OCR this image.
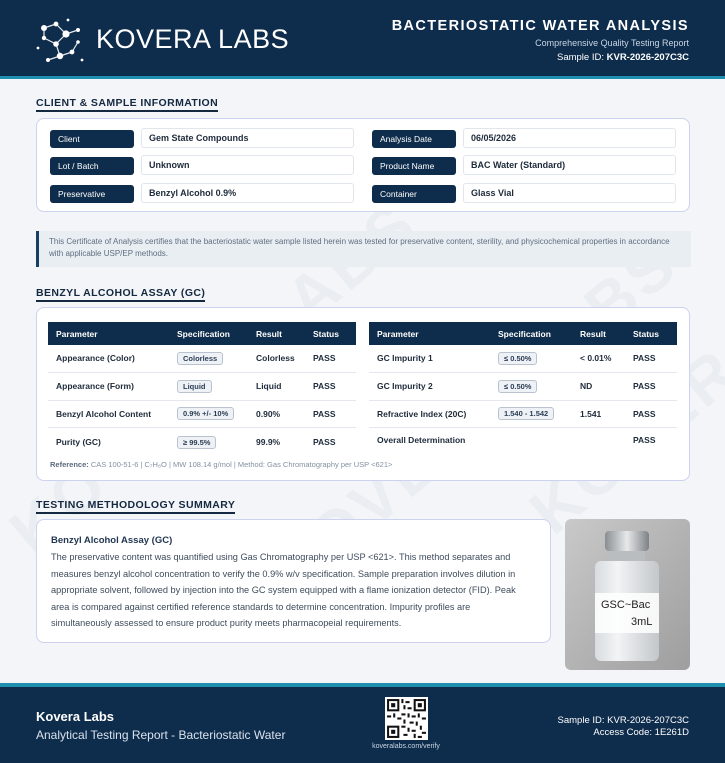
KOVERA LABS	BACTERIOSTATIC WATER ANALYSIS
Comprehensive Quality Testing Report
Sample ID: KVR-2026-207C3C
CLIENT & SAMPLE INFORMATION
Client	Gem State Compounds	Analysis Date	06/05/2026
Lot / Batch	Unknown	Product Name	BAC Water (Standard)
Preservative	Benzyl Alcohol 0.9%	Container	Glass Vial
This Certificate of Analysis certifies that the bacteriostatic water sample listed herein was tested for preservative content, sterility, and physicochemical properties in accordance with applicable USP/EP methods.
BENZYL ALCOHOL ASSAY (GC)
Parameter	Specification	Result	Status
Appearance (Color)	Colorless	Colorless	PASS
Appearance (Form)	Liquid	Liquid	PASS
Benzyl Alcohol Content	0.9% +/- 10%	0.90%	PASS
Purity (GC)	≥ 99.5%	99.9%	PASS
Parameter	Specification	Result	Status
GC Impurity 1	≤ 0.50%	< 0.01%	PASS
GC Impurity 2	≤ 0.50%	ND	PASS
Refractive Index (20C)	1.540 - 1.542	1.541	PASS
Overall Determination			PASS
Reference: CAS 100-51-6 | C₇H₈O | MW 108.14 g/mol | Method: Gas Chromatography per USP <621>
TESTING METHODOLOGY SUMMARY
Benzyl Alcohol Assay (GC)
The preservative content was quantified using Gas Chromatography per USP <621>. This method separates and measures benzyl alcohol concentration to verify the 0.9% w/v specification. Sample preparation involves dilution in appropriate solvent, followed by injection into the GC system equipped with a flame ionization detector (FID). Peak area is compared against certified reference standards to determine concentration. Impurity profiles are simultaneously assessed to ensure product purity meets pharmacopeial requirements.
GSC~Bac
3mL
Kovera Labs
Analytical Testing Report - Bacteriostatic Water
koveralabs.com/verify
Sample ID: KVR-2026-207C3C
Access Code: 1E261D
